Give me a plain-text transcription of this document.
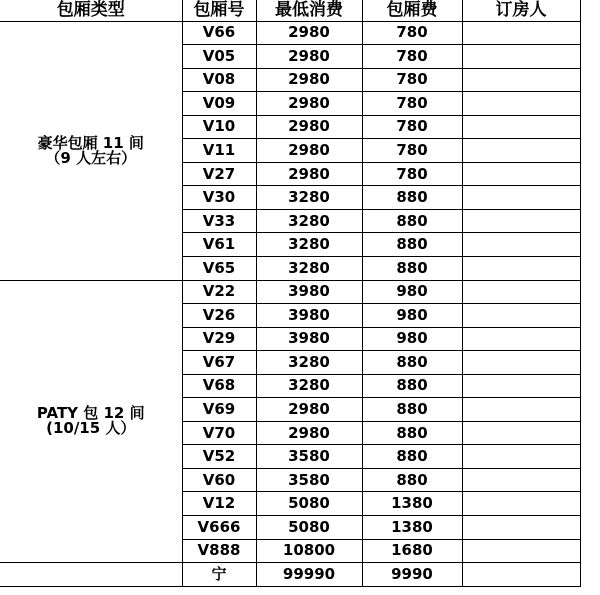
包厢类型	包厢号	最低消费	包厢费	订房人

豪华包厢 11 间
（9 人左右）	V66	2980	780	
	V05	2980	780	
	V08	2980	780	
	V09	2980	780	
	V10	2980	780	
	V11	2980	780	
	V27	2980	780	
	V30	3280	880	
	V33	3280	880	
	V61	3280	880	
	V65	3280	880	

PATY 包 12 间
(10/15 人）	V22	3980	980	
	V26	3980	980	
	V29	3980	980	
	V67	3280	880	
	V68	3280	880	
	V69	2980	880	
	V70	2980	880	
	V52	3580	880	
	V60	3580	880	
	V12	5080	1380	
	V666	5080	1380	
	V888	10800	1680	

	宁	99990	9990	
